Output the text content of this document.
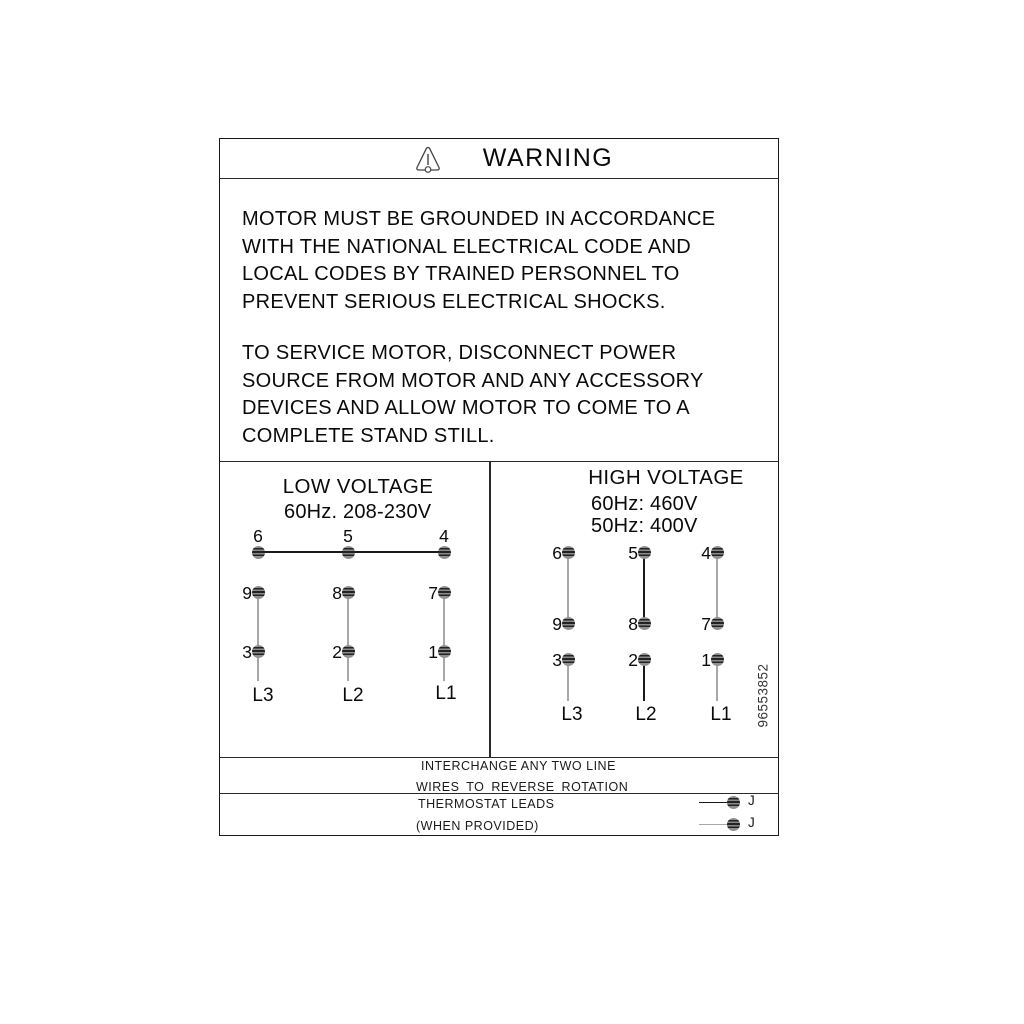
WARNING
MOTOR MUST BE GROUNDED IN ACCORDANCE
WITH THE NATIONAL ELECTRICAL CODE AND
LOCAL CODES BY TRAINED PERSONNEL TO
PREVENT SERIOUS ELECTRICAL SHOCKS.
TO SERVICE MOTOR, DISCONNECT POWER
SOURCE FROM MOTOR AND ANY ACCESSORY
DEVICES AND ALLOW MOTOR TO COME TO A
COMPLETE STAND STILL.
LOW VOLTAGE
60Hz. 208-230V
6	5	4
9	8	7
3	2	1
L3	L2	L1
HIGH VOLTAGE
60Hz: 460V
50Hz: 400V
6	5	4
9	8	7
3	2	1
L3	L2	L1	96553852
INTERCHANGE ANY TWO LINE
WIRES TO REVERSE ROTATION
THERMOSTAT LEADS
(WHEN PROVIDED)
J
J
